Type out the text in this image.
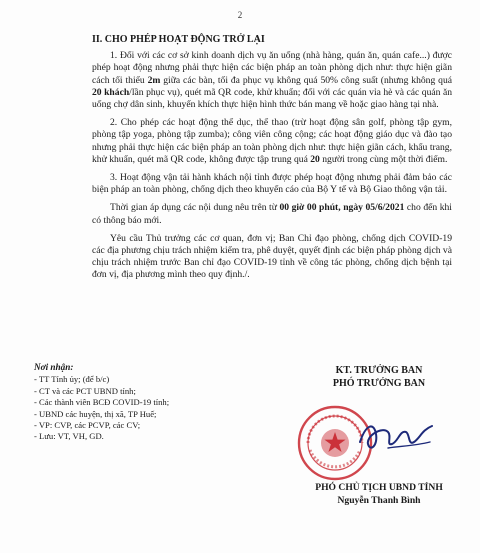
2
II. CHO PHÉP HOẠT ĐỘNG TRỞ LẠI

1. Đối với các cơ sở kinh doanh dịch vụ ăn uống (nhà hàng, quán ăn, quán cafe...) được phép hoạt động nhưng phải thực hiện các biện pháp an toàn phòng dịch như: thực hiện giãn cách tối thiểu 2m giữa các bàn, tối đa phục vụ không quá 50% công suất (nhưng không quá 20 khách/lần phục vụ), quét mã QR code, khử khuẩn; đối với các quán vỉa hè và các quán ăn uống chợ dân sinh, khuyến khích thực hiện hình thức bán mang về hoặc giao hàng tại nhà.

2. Cho phép các hoạt động thể dục, thể thao (trừ hoạt động sân golf, phòng tập gym, phòng tập yoga, phòng tập zumba); công viên công cộng; các hoạt động giáo dục và đào tạo nhưng phải thực hiện các biện pháp an toàn phòng dịch như: thực hiện giãn cách, khẩu trang, khử khuẩn, quét mã QR code, không được tập trung quá 20 người trong cùng một thời điểm.

3. Hoạt động vận tải hành khách nội tỉnh được phép hoạt động nhưng phải đảm bảo các biện pháp an toàn phòng, chống dịch theo khuyến cáo của Bộ Y tế và Bộ Giao thông vận tải.

Thời gian áp dụng các nội dung nêu trên từ 00 giờ 00 phút, ngày 05/6/2021 cho đến khi có thông báo mới.

Yêu cầu Thủ trưởng các cơ quan, đơn vị; Ban Chỉ đạo phòng, chống dịch COVID-19 các địa phương chịu trách nhiệm kiểm tra, phê duyệt, quyết định các biện pháp phòng dịch và chịu trách nhiệm trước Ban chỉ đạo COVID-19 tỉnh về công tác phòng, chống dịch bệnh tại đơn vị, địa phương mình theo quy định./.

Nơi nhận:
- TT Tỉnh ủy; (để b/c)
- CT và các PCT UBND tỉnh;
- Các thành viên BCĐ COVID-19 tỉnh;
- UBND các huyện, thị xã, TP Huế;
- VP: CVP, các PCVP, các CV;
- Lưu: VT, VH, GD.
KT. TRƯỞNG BAN
PHÓ TRƯỞNG BAN
PHÓ CHỦ TỊCH UBND TỈNH
Nguyễn Thanh Bình
